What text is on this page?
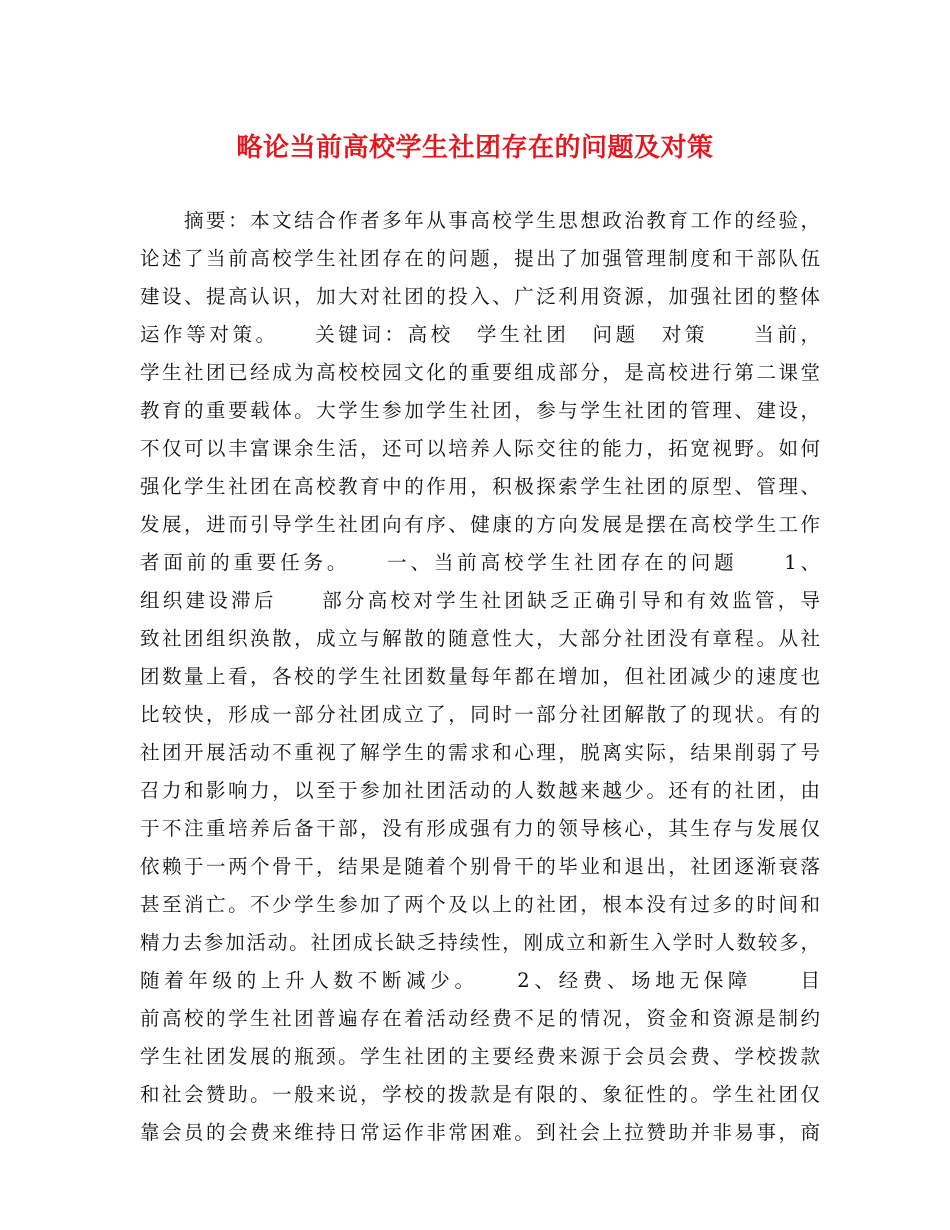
略论当前高校学生社团存在的问题及对策
　　摘要：本文结合作者多年从事高校学生思想政治教育工作的经验，
论述了当前高校学生社团存在的问题，提出了加强管理制度和干部队伍
建设、提高认识，加大对社团的投入、广泛利用资源，加强社团的整体
运作等对策。　　关键词：高校　学生社团　问题　对策　　当前，
学生社团已经成为高校校园文化的重要组成部分，是高校进行第二课堂
教育的重要载体。大学生参加学生社团，参与学生社团的管理、建设，
不仅可以丰富课余生活，还可以培养人际交往的能力，拓宽视野。如何
强化学生社团在高校教育中的作用，积极探索学生社团的原型、管理、
发展，进而引导学生社团向有序、健康的方向发展是摆在高校学生工作
者面前的重要任务。　　一、当前高校学生社团存在的问题　　1、
组织建设滞后　　部分高校对学生社团缺乏正确引导和有效监管，导
致社团组织涣散，成立与解散的随意性大，大部分社团没有章程。从社
团数量上看，各校的学生社团数量每年都在增加，但社团减少的速度也
比较快，形成一部分社团成立了，同时一部分社团解散了的现状。有的
社团开展活动不重视了解学生的需求和心理，脱离实际，结果削弱了号
召力和影响力，以至于参加社团活动的人数越来越少。还有的社团，由
于不注重培养后备干部，没有形成强有力的领导核心，其生存与发展仅
依赖于一两个骨干，结果是随着个别骨干的毕业和退出，社团逐渐衰落
甚至消亡。不少学生参加了两个及以上的社团，根本没有过多的时间和
精力去参加活动。社团成长缺乏持续性，刚成立和新生入学时人数较多，
随着年级的上升人数不断减少。　　2、经费、场地无保障　　目
前高校的学生社团普遍存在着活动经费不足的情况，资金和资源是制约
学生社团发展的瓶颈。学生社团的主要经费来源于会员会费、学校拨款
和社会赞助。一般来说，学校的拨款是有限的、象征性的。学生社团仅
靠会员的会费来维持日常运作非常困难。到社会上拉赞助并非易事，商
